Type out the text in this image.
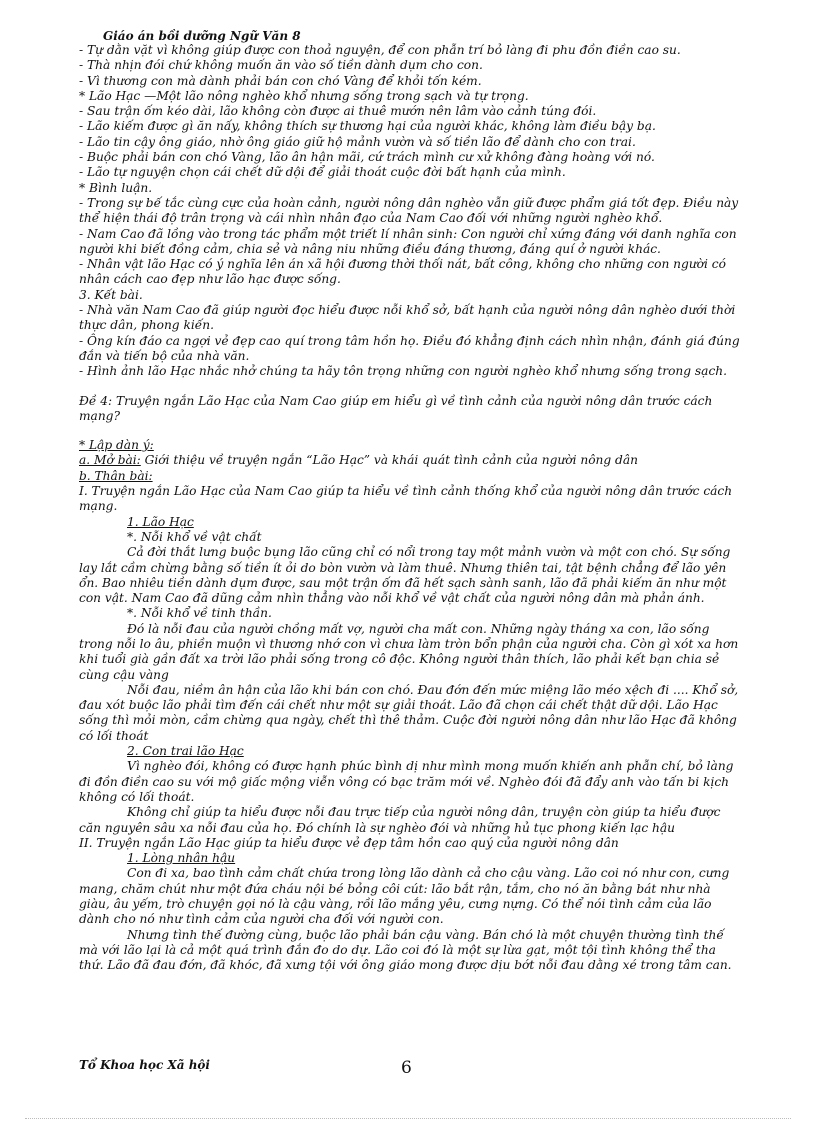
Giáo án bồi dưỡng Ngữ Văn 8

- Tự dằn vặt vì không giúp được con thoả nguyện, để con phẫn trí bỏ làng đi phu đồn điền cao su.

- Thà nhịn đói chứ không muốn ăn vào số tiền dành dụm cho con.

- Vì thương con mà dành phải bán con chó Vàng để khỏi tốn kém.

* Lão Hạc —Một lão nông nghèo khổ nhưng sống trong sạch và tự trọng.

- Sau trận ốm kéo dài, lão không còn được ai thuê mướn nên lâm vào cảnh túng đói.

- Lão kiếm được gì ăn nấy, không thích sự thương hại của người khác, không làm điều bậy bạ.

- Lão tin cậy ông giáo, nhờ ông giáo giữ hộ mảnh vườn và số tiền lão để dành cho con trai.

- Buộc phải bán con chó Vàng, lão ân hận mãi, cứ trách mình cư xử không đàng hoàng với nó.

- Lão tự nguyện chọn cái chết dữ dội để giải thoát cuộc đời bất hạnh của mình.

* Bình luận.

- Trong sự bế tắc cùng cực của hoàn cảnh, người nông dân nghèo vẫn giữ được phẩm giá tốt đẹp. Điều này thể hiện thái độ trân trọng và cái nhìn nhân đạo của Nam Cao đối với những người nghèo khổ.

- Nam Cao đã lồng vào trong tác phẩm một triết lí nhân sinh: Con người chỉ xứng đáng với danh nghĩa con người khi biết đồng cảm, chia sẻ và nâng niu những điều đáng thương, đáng quí ở người khác.

- Nhân vật lão Hạc có ý nghĩa lên án xã hội đương thời thối nát, bất công, không cho những con người có nhân cách cao đẹp như lão hạc được sống.

3. Kết bài.

- Nhà văn Nam Cao đã giúp người đọc hiểu được nỗi khổ sở, bất hạnh của người nông dân nghèo dưới thời thực dân, phong kiến.

- Ông kín đáo ca ngợi vẻ đẹp cao quí trong tâm hồn họ. Điều đó khẳng định cách nhìn nhận, đánh giá đúng đắn và tiến bộ của nhà văn.

- Hình ảnh lão Hạc nhắc nhở chúng ta hãy tôn trọng những con người nghèo khổ nhưng sống trong sạch.

Đề 4: Truyện ngắn Lão Hạc của Nam Cao giúp em hiểu gì về tình cảnh của người nông dân trước cách mạng?

* Lập dàn ý:

a. Mở bài: Giới thiệu về truyện ngắn “Lão Hạc” và khái quát tình cảnh của người nông dân

b. Thân bài:

I. Truyện ngắn Lão Hạc của Nam Cao giúp ta hiểu về tình cảnh thống khổ của người nông dân trước cách mạng.

1. Lão Hạc

*. Nỗi khổ về vật chất

Cả đời thắt lưng buộc bụng lão cũng chỉ có nổi trong tay một mảnh vườn và một con chó. Sự sống lay lắt cầm chừng bằng số tiền ít ỏi do bòn vườn và làm thuê. Nhưng thiên tai, tật bệnh chẳng để lão yên ổn. Bao nhiêu tiền dành dụm được, sau một trận ốm đã hết sạch sành sanh, lão đã phải kiếm ăn như một con vật. Nam Cao đã dũng cảm nhìn thẳng vào nỗi khổ về vật chất của người nông dân mà phản ánh.

*. Nỗi khổ về tinh thần.

Đó là nỗi đau của người chồng mất vợ, người cha mất con. Những ngày tháng xa con, lão sống trong nỗi lo âu, phiền muộn vì thương nhớ con vì chưa làm tròn bổn phận của người cha. Còn gì xót xa hơn khi tuổi già gần đất xa trời lão phải sống trong cô độc. Không người thân thích, lão phải kết bạn chia sẻ cùng cậu vàng

Nỗi đau, niềm ân hận của lão khi bán con chó. Đau đớn đến mức miệng lão méo xệch đi .... Khổ sở, đau xót buộc lão phải tìm đến cái chết như một sự giải thoát. Lão đã chọn cái chết thật dữ dội. Lão Hạc sống thì mỏi mòn, cầm chừng qua ngày, chết thì thê thảm. Cuộc đời người nông dân như lão Hạc đã không có lối thoát

2. Con trai lão Hạc

Vì nghèo đói, không có được hạnh phúc bình dị như mình mong muốn khiến anh phẫn chí, bỏ làng đi đồn điền cao su với mộ giấc mộng viễn vông có bạc trăm mới về. Nghèo đói đã đẩy anh vào tấn bi kịch không có lối thoát.

Không chỉ giúp ta hiểu được nỗi đau trực tiếp của người nông dân, truyện còn giúp ta hiểu được căn nguyên sâu xa nỗi đau của họ. Đó chính là sự nghèo đói và những hủ tục phong kiến lạc hậu

II. Truyện ngắn Lão Hạc giúp ta hiểu được vẻ đẹp tâm hồn cao quý của người nông dân

1. Lòng nhân hậu

Con đi xa, bao tình cảm chất chứa trong lòng lão dành cả cho cậu vàng. Lão coi nó như con, cưng mang, chăm chút như một đứa cháu nội bé bỏng côi cút: lão bắt rận, tắm, cho nó ăn bằng bát như nhà giàu, âu yếm, trò chuyện gọi nó là cậu vàng, rồi lão mắng yêu, cưng nựng. Có thể nói tình cảm của lão dành cho nó như tình cảm của người cha đối với người con.

Nhưng tình thế đường cùng, buộc lão phải bán cậu vàng. Bán chó là một chuyện thường tình thế mà với lão lại là cả một quá trình đắn đo do dự. Lão coi đó là một sự lừa gạt, một tội tình không thể tha thứ. Lão đã đau đớn, đã khóc, đã xưng tội với ông giáo mong được dịu bớt nỗi đau dằng xé trong tâm can.

Tổ Khoa học Xã hội	6
